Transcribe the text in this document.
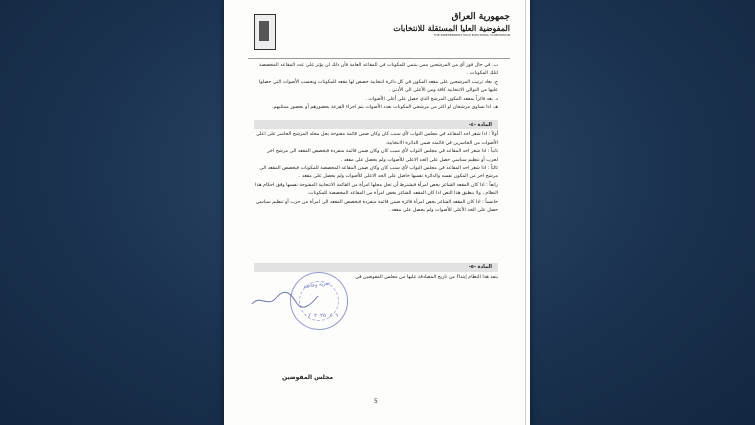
جمهورية العراق
المفوضية العليا المستقلة للانتخابات
THE INDEPENDENT HIGH ELECTORAL COMMISSION

ب. في حال فوز أي من المرشحين ممن ينتمي للمكونات في المقاعد العامة فأن ذلك لن يؤثر على عدد المقاعد المخصصة لتلك المكونات .

ج. يعاد ترتيب المرشحين على مقعد المكون في كل دائرة انتخابية خصص لها مقعد للمكونات وبحسب الأصوات التي حصلوا عليها من التوالي الانتخابية كافة ومن الأعلى الى الأدنى .

د. يعد فائزاً بمقعد المكون المرشح الذي حصل على أعلى الأصوات .

هـ. اذا تساوى مرشحان او اكثر من مرشحي المكونات بعدد الأصوات يتم اجراء القرعة بحضورهم أو بحضور ممثليهم.

المادة -٤-

أولاً : اذا شغر احد المقاعد في مجلس النواب لأي سبب كان وكان ضمن قائمة مفتوحة يحل محله المرشح الخاسر على اعلى الأصوات من الخاسرين في قائمته ضمن الدائرة الانتخابية.

ثانياً : اذا شغر احد المقاعد في مجلس النواب لأي سبب كان وكان ضمن قائمة منفردة فيخصص المقعد الى مرشح اخر لحزب أو تنظيم سياسي حصل على الحد الاعلى للأصوات ولم يحصل على مقعد .

ثالثاً : اذا شغر احد المقاعد في مجلس النواب لأي سبب كان وكان ضمن المقاعد المخصصة للمكونات فيخصص المقعد الى مرشح اخر من المكون نفسه والدائرة نفسها حاصل على الحد الاعلى للأصوات ولم يحصل على مقعد .

رابعاً : اذا كان المقعد الشاغر يخص امرأة فيشترط أن تحل محلها امرأة من القائمة الانتخابية المفتوحة نفسها وفق احكام هذا النظام ، ولا ينطبق هذا النص اذا كان المقعد الشاغر يخص امرأة من المقاعد المخصصة للمكونات.

خامساً : اذا كان المقعد الشاغر يخص امرأة فائزة ضمن قائمة منفردة فيخصص المقعد الى امرأة من حزب أو تنظيم سياسي حصل على الحد الأعلى للأصوات ولم يحصل على مقعد .

المادة -٥-

ينفذ هذا النظام إبتداءً من تاريخ المصادقة عليها من مجلس المفوضين في

سرية وخاصة
/ ٦ / ٢٠٢٥
مجلس المفوضين
5
